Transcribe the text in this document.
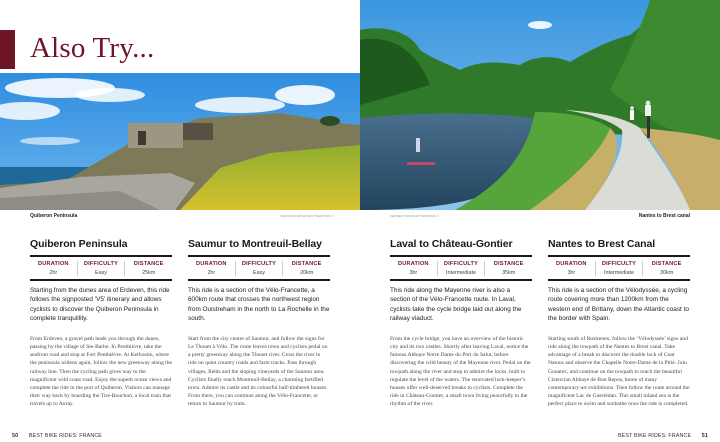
Also Try...
Quiberon Peninsula	CHRISTIAN MUSAT/SHUTTERSTOCK ©
Quiberon Peninsula
DURATION
2hr
DIFFICULTY
Easy
DISTANCE
25km

Starting from the dunes area of Erdeven, this ride follows the signposted ‘V5’ itinerary and allows cyclists to discover the Quiberon Peninsula in complete tranquillity.

From Erdeven, a gravel path leads you through the dunes, passing by the village of Ste-Barbe. In Penthièvre, take the seafront road and stop at Fort Penthièvre. At Kerhostin, where the peninsula widens again, follow the new greenway along the railway line. Then the cycling path gives way to the magnificent wild coast road. Enjoy the superb ocean views and complete the ride in the port of Quiberon. Visitors can manage their way back by boarding the Tire-Bouchon, a local train that travels up to Auray.

Saumur to Montreuil-Bellay
DURATION
2hr
DIFFICULTY
Easy
DISTANCE
20km

This ride is a section of the Vélo-Francette, a 600km route that crosses the northwest region from Ouistreham in the north to La Rochelle in the south.

Start from the city centre of Saumur, and follow the signs for Le Thouet à Vélo. The route leaves town and cyclists pedal on a pretty greenway along the Thouet river. Cross the river to ride on quiet country roads and farm tracks. Pass through villages, fields and the sloping vineyards of the Saumur area. Cyclists finally reach Montreuil-Bellay, a charming fortified town. Admire its castle and its colourful half-timbered houses. From there, you can continue along the Vélo-Francette, or return to Saumur by train.

50 BEST BIKE RIDES: FRANCE
VERNIER YANN/SHUTTERSTOCK ©	Nantes to Brest canal
Laval to Château-Gontier
DURATION
3hr
DIFFICULTY
Intermediate
DISTANCE
35km

This ride along the Mayenne river is also a section of the Vélo-Francette route. In Laval, cyclists take the cycle bridge laid out along the railway viaduct.

From the cycle bridge, you have an overview of the historic city and its two castles. Shortly after leaving Laval, notice the famous Abbaye Notre Dame du Port du Salut, before discovering the wild beauty of the Mayenne river. Pedal on the towpath along the river and stop to admire the locks, built to regulate the level of the waters. The renovated lock-keeper’s houses offer well-deserved breaks to cyclists. Complete the ride in Château-Gontier, a small town living peacefully to the rhythm of the river.

Nantes to Brest Canal
DURATION
3hr
DIFFICULTY
Intermediate
DISTANCE
30km

This ride is a section of the Vélodyssée, a cycling route covering more than 1200km from the western end of Brittany, down the Atlantic coast to the border with Spain.

Starting south of Rostrenen, follow the ‘Vélodyssée’ signs and ride along the towpath of the Nantes to Brest canal. Take advantage of a break to discover the double lock of Coat Natous and observe the Chapelle Notre-Dame de la Pitié. Join Gouarec, and continue on the towpath to reach the beautiful Cistercian Abbaye de Bon Repos, home of many contemporary-art exhibitions. Then follow the route around the magnificent Lac de Guerlédan. This small inland sea is the perfect place to swim and sunbathe once the ride is completed.

BEST BIKE RIDES: FRANCE 51
